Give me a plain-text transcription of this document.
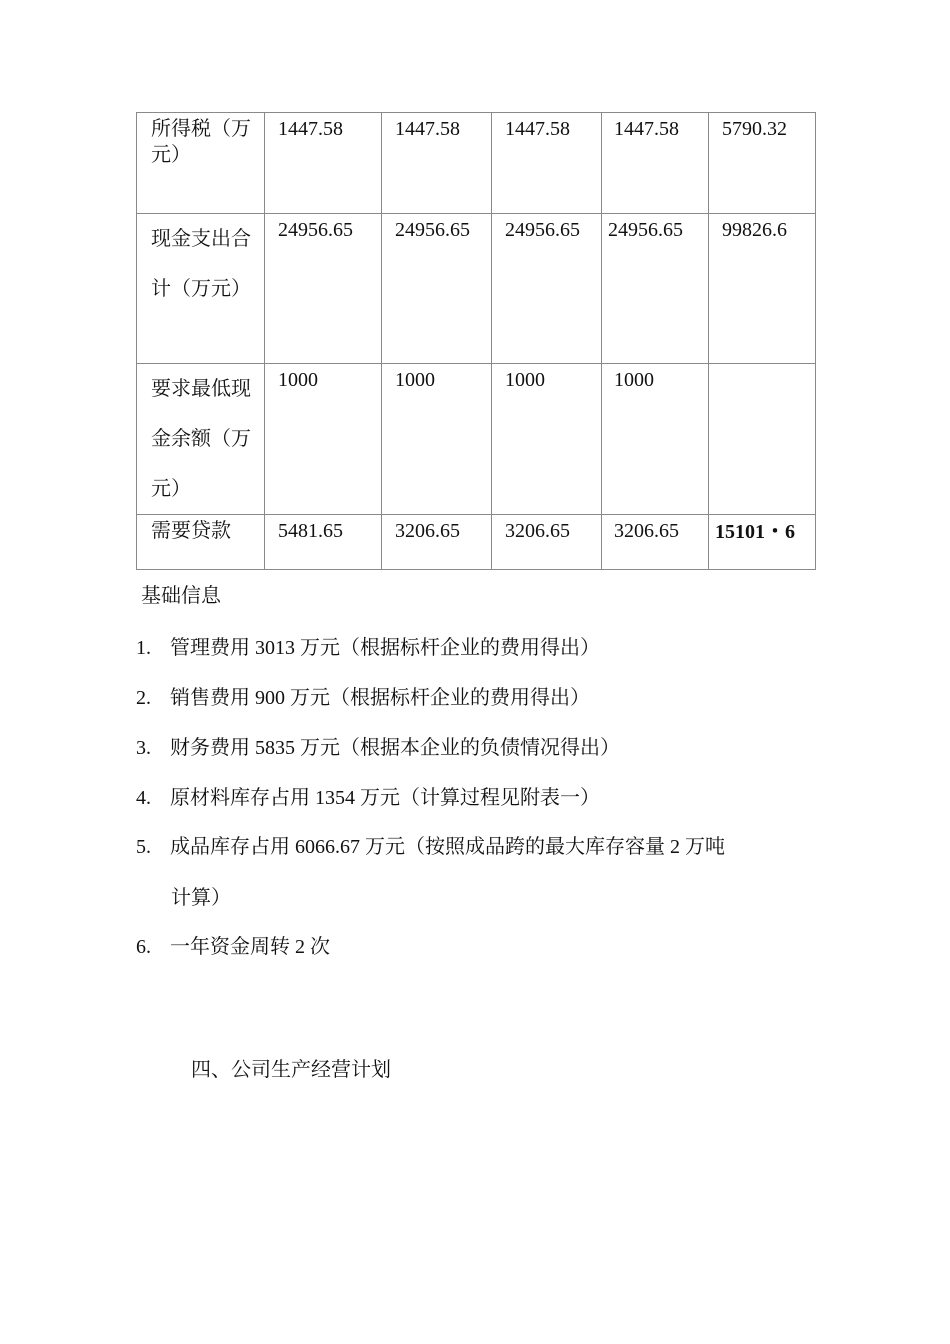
所得税（万元）	1447.58	1447.58	1447.58	1447.58	5790.32
现金支出合计（万元）	24956.65	24956.65	24956.65	24956.65	99826.6
要求最低现金余额（万元）	1000	1000	1000	1000	
需要贷款	5481.65	3206.65	3206.65	3206.65	15101・6
基础信息
1. 管理费用 3013 万元（根据标杆企业的费用得出）
2. 销售费用 900 万元（根据标杆企业的费用得出）
3. 财务费用 5835 万元（根据本企业的负债情况得出）
4. 原材料库存占用 1354 万元（计算过程见附表一）
5. 成品库存占用 6066.67 万元（按照成品跨的最大库存容量 2 万吨
计算）
6. 一年资金周转 2 次
四、公司生产经营计划
